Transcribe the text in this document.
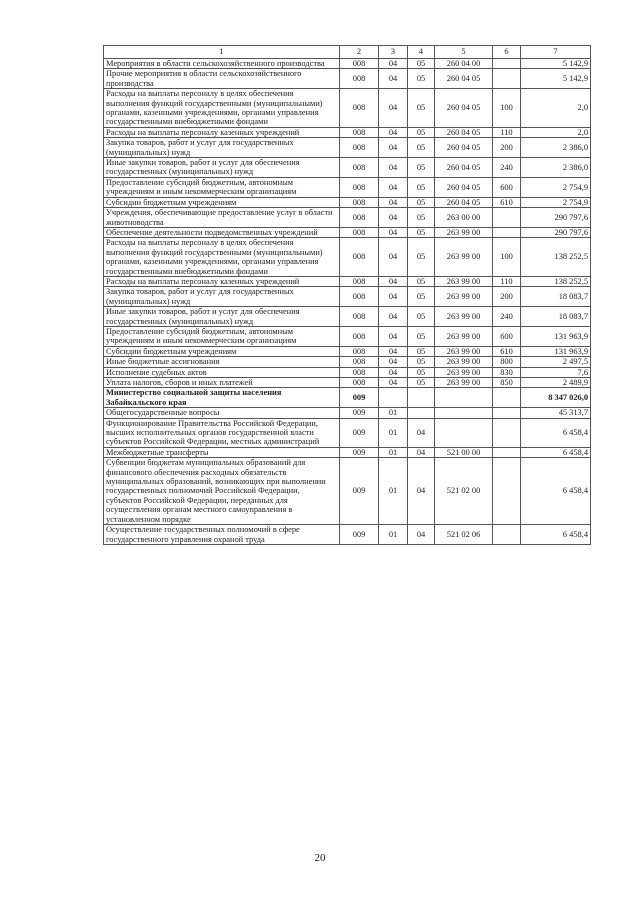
1	2	3	4	5	6	7
Мероприятия в области сельскохозяйственного производства	008	04	05	260 04 00		5 142,9
Прочие мероприятия в области сельскохозяйственного производства	008	04	05	260 04 05		5 142,9
Расходы на выплаты персоналу в целях обеспечения выполнения функций государственными (муниципальными) органами, казенными учреждениями, органами управления государственными внебюджетными фондами	008	04	05	260 04 05	100	2,0
Расходы на выплаты персоналу казенных учреждений	008	04	05	260 04 05	110	2,0
Закупка товаров, работ и услуг для государственных (муниципальных) нужд	008	04	05	260 04 05	200	2 386,0
Иные закупки товаров, работ и услуг для обеспечения государственных (муниципальных) нужд	008	04	05	260 04 05	240	2 386,0
Предоставление субсидий бюджетным, автономным учреждениям и иным некоммерческим организациям	008	04	05	260 04 05	600	2 754,9
Субсидии бюджетным учреждениям	008	04	05	260 04 05	610	2 754,9
Учреждения, обеспечивающие предоставление услуг в области животноводства	008	04	05	263 00 00		290 797,6
Обеспечение деятельности подведомственных учреждений	008	04	05	263 99 00		290 797,6
Расходы на выплаты персоналу в целях обеспечения выполнения функций государственными (муниципальными) органами, казенными учреждениями, органами управления государственными внебюджетными фондами	008	04	05	263 99 00	100	138 252,5
Расходы на выплаты персоналу казенных учреждений	008	04	05	263 99 00	110	138 252,5
Закупка товаров, работ и услуг для государственных (муниципальных) нужд	008	04	05	263 99 00	200	18 083,7
Иные закупки товаров, работ и услуг для обеспечения государственных (муниципальных) нужд	008	04	05	263 99 00	240	18 083,7
Предоставление субсидий бюджетным, автономным учреждениям и иным некоммерческим организациям	008	04	05	263 99 00	600	131 963,9
Субсидии бюджетным учреждениям	008	04	05	263 99 00	610	131 963,9
Иные бюджетные ассигнования	008	04	05	263 99 00	800	2 497,5
Исполнение судебных актов	008	04	05	263 99 00	830	7,6
Уплата налогов, сборов и иных платежей	008	04	05	263 99 00	850	2 489,9
Министерство социальной защиты населения Забайкальского края	009					8 347 026,0
Общегосударственные вопросы	009	01				45 313,7
Функционирование Правительства Российской Федерации, высших исполнительных органов государственной власти субъектов Российской Федерации, местных администраций	009	01	04			6 458,4
Межбюджетные трансферты	009	01	04	521 00 00		6 458,4
Субвенции бюджетам муниципальных образований для финансового обеспечения расходных обязательств муниципальных образований, возникающих при выполнении государственных полномочий Российской Федерации, субъектов Российской Федерации, переданных для осуществления органам местного самоуправления в установленном порядке	009	01	04	521 02 00		6 458,4
Осуществление государственных полномочий в сфере государственного управления охраной труда	009	01	04	521 02 06		6 458,4
20
